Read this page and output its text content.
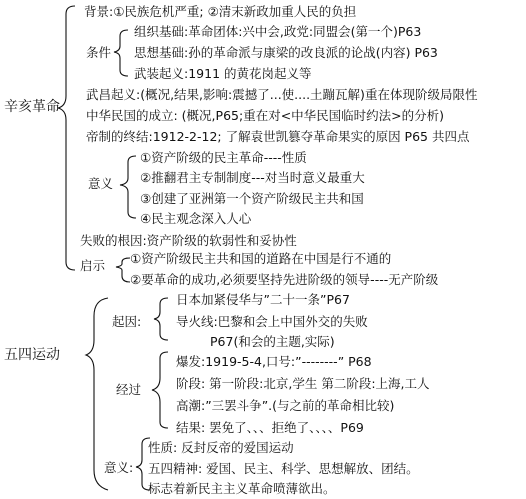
辛亥革命
背景:①民族危机严重; ②清末新政加重人民的负担
条件
组织基础:革命团体:兴中会,政党:同盟会(第一个)P63
思想基础:孙的革命派与康梁的改良派的论战(内容) P63
武装起义:1911 的黄花岗起义等
武昌起义:(概况,结果,影响:震撼了...使....土蹦瓦解)重在体现阶级局限性
中华民国的成立: (概况,P65;重在对<中华民国临时约法>的分析)
帝制的终结:1912-2-12; 了解袁世凯篡夺革命果实的原因 P65 共四点
意义
①资产阶级的民主革命----性质
②推翻君主专制制度---对当时意义最重大
③创建了亚洲第一个资产阶级民主共和国
④民主观念深入人心
失败的根因:资产阶级的软弱性和妥协性
启示 ①资产阶级民主共和国的道路在中国是行不通的
②要革命的成功,必须要坚持先进阶级的领导----无产阶级
五四运动
起因:
日本加紧侵华与”二十一条”P67
导火线:巴黎和会上中国外交的失败
P67(和会的主题,实际)
经过
爆发:1919-5-4,口号:”--------” P68
阶段: 第一阶段:北京,学生 第二阶段:上海,工人
高潮:”三罢斗争”.(与之前的革命相比较)
结果: 罢免了、、、拒绝了、、、、P69
意义:
性质: 反封反帝的爱国运动
五四精神: 爱国、民主、科学、思想解放、团结。
标志着新民主主义革命喷薄欲出。
